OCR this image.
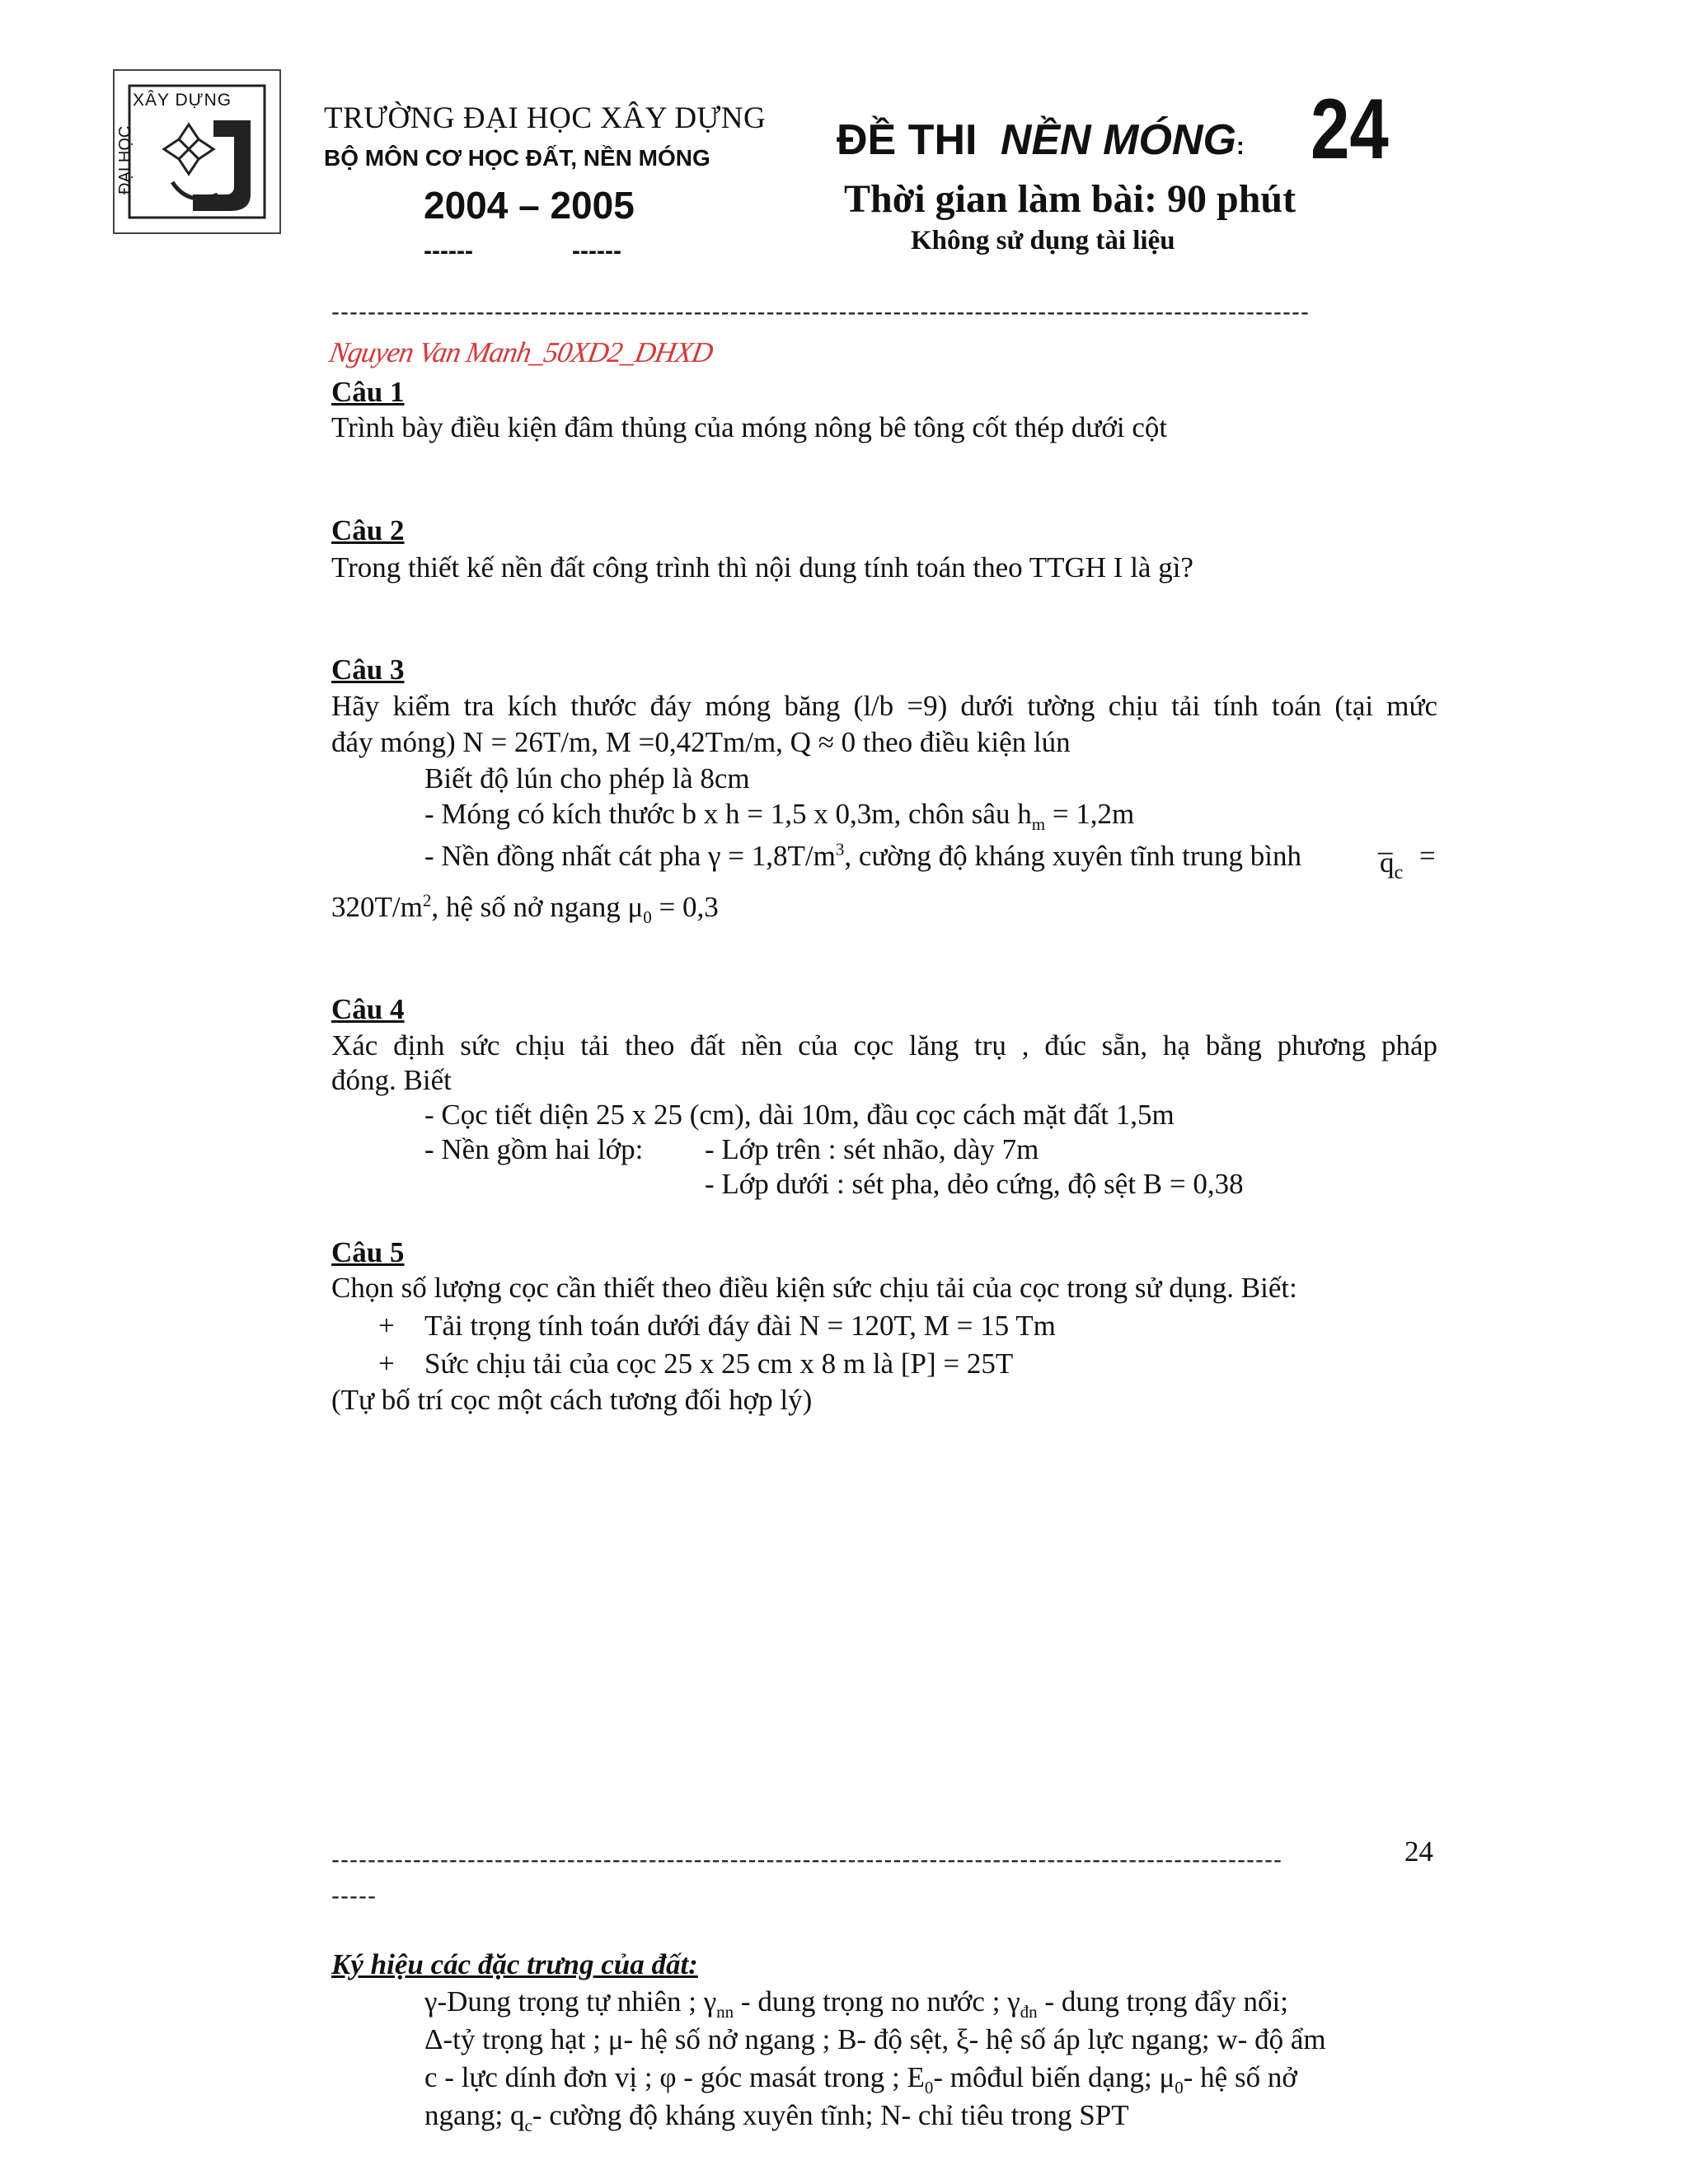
XÂY DỰNG
ĐẠI HỌC
TRƯỜNG ĐẠI HỌC XÂY DỰNG
BỘ MÔN CƠ HỌC ĐẤT, NỀN MÓNG
2004 – 2005
------	------
ĐỀ THI NỀN MÓNG: 24
Thời gian làm bài: 90 phút
Không sử dụng tài liệu
------------------------------------------------------------------------------------------------------------
Nguyen Van Manh_50XD2_DHXD
Câu 1
Trình bày điều kiện đâm thủng của móng nông bê tông cốt thép dưới cột
Câu 2
Trong thiết kế nền đất công trình thì nội dung tính toán theo TTGH I là gì?
Câu 3
Hãy kiểm tra kích thước đáy móng băng (l/b =9) dưới tường chịu tải tính toán (tại mức
đáy móng) N = 26T/m, M =0,42Tm/m, Q ≈ 0 theo điều kiện lún
Biết độ lún cho phép là 8cm
- Móng có kích thước b x h = 1,5 x 0,3m, chôn sâu $h_m = 1,2m$
- Nền đồng nhất cát pha $\gamma = 1,8T/m^3$, cường độ kháng xuyên tĩnh trung bình	_
$q_c$
=
$320T/m^2$, hệ số nở ngang $\mu_0 = 0,3$
Câu 4
Xác định sức chịu tải theo đất nền của cọc lăng trụ , đúc sẵn, hạ bằng phương pháp
đóng. Biết
- Cọc tiết diện 25 x 25 (cm), dài 10m, đầu cọc cách mặt đất 1,5m
- Nền gồm hai lớp: - Lớp trên : sét nhão, dày 7m
- Lớp dưới : sét pha, dẻo cứng, độ sệt B = 0,38
Câu 5
Chọn số lượng cọc cần thiết theo điều kiện sức chịu tải của cọc trong sử dụng. Biết:
+ Tải trọng tính toán dưới đáy đài N = 120T, M = 15 Tm
+ Sức chịu tải của cọc 25 x 25 cm x 8 m là [P] = 25T
(Tự bố trí cọc một cách tương đối hợp lý)
---------------------------------------------------------------------------------------------------------	24
-----
Ký hiệu các đặc trưng của đất:
γ-Dung trọng tự nhiên ; $\gamma_{nn}$ - dung trọng no nước ; $\gamma_{đn}$ - dung trọng đẩy nổi;
Δ-tỷ trọng hạt ; μ- hệ số nở ngang ; B- độ sệt, ξ- hệ số áp lực ngang; w- độ ẩm
c - lực dính đơn vị ; φ - góc masát trong ; $E_0-$ môđul biến dạng; $\mu_0-$ hệ số nở
ngang; $q_c-$ cường độ kháng xuyên tĩnh; N- chỉ tiêu trong SPT
